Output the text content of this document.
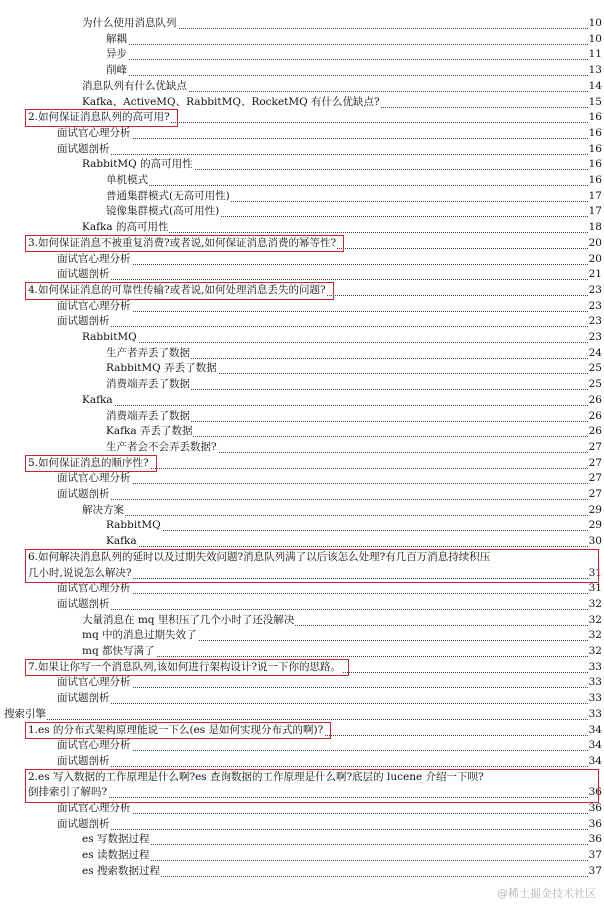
为什么使用消息队列	10
解耦	10
异步	11
削峰	13
消息队列有什么优缺点	14
Kafka、ActiveMQ、RabbitMQ、RocketMQ 有什么优缺点?	15
2.如何保证消息队列的高可用?	16
面试官心理分析	16
面试题剖析	16
RabbitMQ 的高可用性	16
单机模式	16
普通集群模式(无高可用性)	17
镜像集群模式(高可用性)	17
Kafka 的高可用性	18
3.如何保证消息不被重复消费?或者说,如何保证消息消费的幂等性?	20
面试官心理分析	20
面试题剖析	21
4.如何保证消息的可靠性传输?或者说,如何处理消息丢失的问题?	23
面试官心理分析	23
面试题剖析	23
RabbitMQ	23
生产者弄丢了数据	24
RabbitMQ 弄丢了数据	25
消费端弄丢了数据	25
Kafka	26
消费端弄丢了数据	26
Kafka 弄丢了数据	26
生产者会不会弄丢数据?	27
5.如何保证消息的顺序性?	27
面试官心理分析	27
面试题剖析	27
解决方案	29
RabbitMQ	29
Kafka	30
6.如何解决消息队列的延时以及过期失效问题?消息队列满了以后该怎么处理?有几百万消息持续积压
几小时,说说怎么解决?	31
面试官心理分析	31
面试题剖析	32
大量消息在 mq 里积压了几个小时了还没解决	32
mq 中的消息过期失效了	32
mq 都快写满了	32
7.如果让你写一个消息队列,该如何进行架构设计?说一下你的思路。	33
面试官心理分析	33
面试题剖析	33
搜索引擎	33
1.es 的分布式架构原理能说一下么(es 是如何实现分布式的啊)?	34
面试官心理分析	34
面试题剖析	34
2.es 写入数据的工作原理是什么啊?es 查询数据的工作原理是什么啊?底层的 lucene 介绍一下呗?
倒排索引了解吗?	36
面试官心理分析	36
面试题剖析	36
es 写数据过程	36
es 读数据过程	37
es 搜索数据过程	37
@稀土掘金技术社区
